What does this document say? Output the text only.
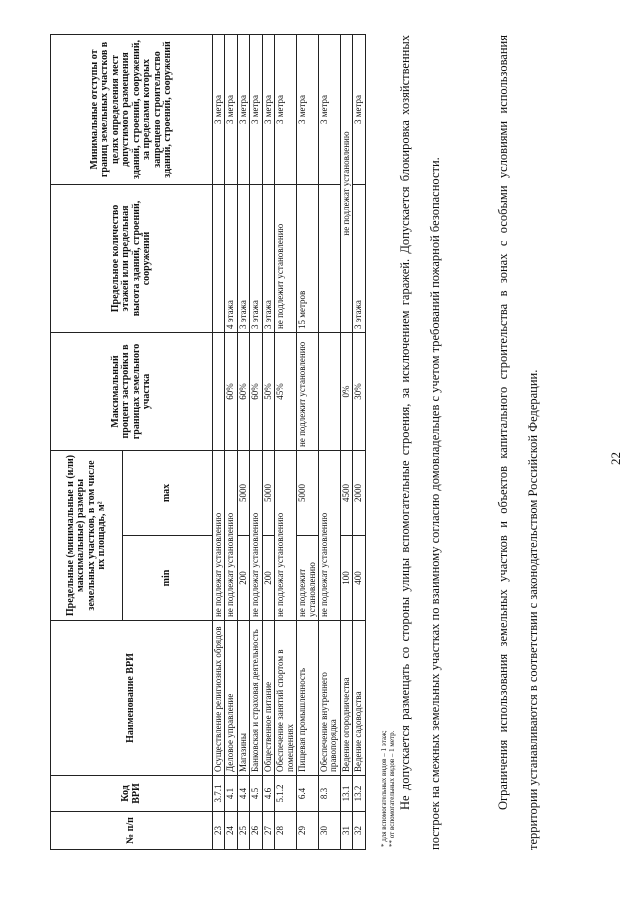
22
№ п/п	Код ВРИ	Наименование ВРИ	Предельные (минимальные и (или) максимальные) размеры земельных участков, в том числе их площадь, м²		Максимальный процент застройки в границах земельного участка	Предельное количество этажей или предельная высота зданий, строений, сооружений	Минимальные отступы от границ земельных участков в целях определения мест допустимого размещения зданий, строений, сооружений, за пределами которых запрещено строительство зданий, строений, сооружений
			min	max			
23	3.7.1	Осуществление религиозных обрядов	не подлежат установлению				3 метра
24	4.1	Деловое управление	не подлежат установлению		60%	4 этажа	3 метра
25	4.4	Магазины	200	5000	60%	3 этажа	3 метра
26	4.5	Банковская и страховая деятельность	не подлежат установлению		60%	3 этажа	3 метра
27	4.6	Общественное питание	200	5000	50%	3 этажа	3 метра
28	5.1.2	Обеспечение занятий спортом в помещениях	не подлежат установлению		45%	не подлежит установлению	3 метра
29	6.4	Пищевая промышленность	не подлежит установлению	5000	не подлежит установлению	15 метров	3 метра
30	8.3	Обеспечение внутреннего правопорядка	не подлежат установлению				3 метра
31	13.1	Ведение огородничества	100	4500	0%	не подлежат установлению	
32	13.2	Ведение садоводства	400	2000	30%	3 этажа	3 метра
* для вспомогательных видов – 1 этаж; ** от вспомогательных видов – 1 метр. Не допускается размещать со стороны улицы вспомогательные строения, за исключением гаражей. Допускается блокировка хозяйственных построек на смежных земельных участках по взаимному согласию домовладельцев с учетом требований пожарной безопасности.	Ограничения использования земельных участков и объектов капитального строительства в зонах с особыми условиями использования территории устанавливаются в соответствии с законодательством Российской Федерации.
